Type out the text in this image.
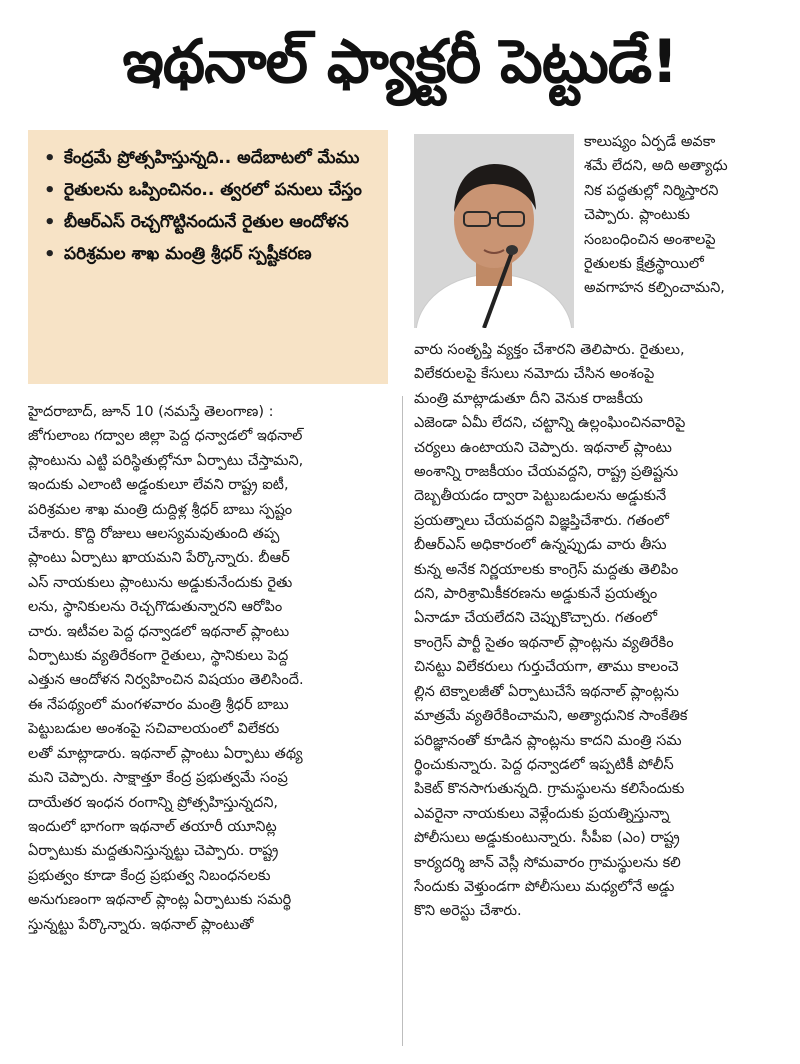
ఇథనాల్ ఫ్యాక్టరీ పెట్టుడే!
• కేంద్రమే ప్రోత్సహిస్తున్నది.. అదేబాటలో మేము
• రైతులను ఒప్పించినం.. త్వరలో పనులు చేస్తం
• బీఆర్ఎస్ రెచ్చగొట్టినందునే రైతుల ఆందోళన
• పరిశ్రమల శాఖ మంత్రి శ్రీధర్ స్పష్టీకరణ
హైదరాబాద్, జూన్ 10 (నమస్తే తెలంగాణ) :
జోగులాంబ గద్వాల జిల్లా పెద్ద ధన్వాడలో ఇథనాల్
ప్లాంటును ఎట్టి పరిస్థితుల్లోనూ ఏర్పాటు చేస్తామని,
ఇందుకు ఎలాంటి అడ్డంకులూ లేవని రాష్ట్ర ఐటీ,
పరిశ్రమల శాఖ మంత్రి దుద్దిళ్ల శ్రీధర్ బాబు స్పష్టం
చేశారు. కొద్ది రోజులు ఆలస్యమవుతుంది తప్ప
ప్లాంటు ఏర్పాటు ఖాయమని పేర్కొన్నారు. బీఆర్
ఎస్ నాయకులు ప్లాంటును అడ్డుకునేందుకు రైతు
లను, స్థానికులను రెచ్చగొడుతున్నారని ఆరోపిం
చారు. ఇటీవల పెద్ద ధన్వాడలో ఇథనాల్ ప్లాంటు
ఏర్పాటుకు వ్యతిరేకంగా రైతులు, స్థానికులు పెద్ద
ఎత్తున ఆందోళన నిర్వహించిన విషయం తెలిసిందే.
ఈ నేపథ్యంలో మంగళవారం మంత్రి శ్రీధర్ బాబు
పెట్టుబడుల అంశంపై సచివాలయంలో విలేకరు
లతో మాట్లాడారు. ఇథనాల్ ప్లాంటు ఏర్పాటు తథ్య
మని చెప్పారు. సాక్షాత్తూ కేంద్ర ప్రభుత్వమే సంప్ర
దాయేతర ఇంధన రంగాన్ని ప్రోత్సహిస్తున్నదని,
ఇందులో భాగంగా ఇథనాల్ తయారీ యూనిట్ల
ఏర్పాటుకు మద్దతునిస్తున్నట్టు చెప్పారు. రాష్ట్ర
ప్రభుత్వం కూడా కేంద్ర ప్రభుత్వ నిబంధనలకు
అనుగుణంగా ఇథనాల్ ప్లాంట్ల ఏర్పాటుకు సమర్థి
స్తున్నట్టు పేర్కొన్నారు. ఇథనాల్ ప్లాంటుతో
కాలుష్యం ఏర్పడే అవకా
శమే లేదని, అది అత్యాధు
నిక పద్ధతుల్లో నిర్మిస్తారని
చెప్పారు. ప్లాంటుకు
సంబంధించిన అంశాలపై
రైతులకు క్షేత్రస్థాయిలో
అవగాహన కల్పించామని,
వారు సంతృప్తి వ్యక్తం చేశారని తెలిపారు. రైతులు,
విలేకరులపై కేసులు నమోదు చేసిన అంశంపై
మంత్రి మాట్లాడుతూ దీని వెనుక రాజకీయ
ఎజెండా ఏమీ లేదని, చట్టాన్ని ఉల్లంఘించినవారిపై
చర్యలు ఉంటాయని చెప్పారు. ఇథనాల్ ప్లాంటు
అంశాన్ని రాజకీయం చేయవద్దని, రాష్ట్ర ప్రతిష్టను
దెబ్బతీయడం ద్వారా పెట్టుబడులను అడ్డుకునే
ప్రయత్నాలు చేయవద్దని విజ్ఞప్తిచేశారు. గతంలో
బీఆర్ఎస్ అధికారంలో ఉన్నప్పుడు వారు తీసు
కున్న అనేక నిర్ణయాలకు కాంగ్రెస్ మద్దతు తెలిపిం
దని, పారిశ్రామికీకరణను అడ్డుకునే ప్రయత్నం
ఏనాడూ చేయలేదని చెప్పుకొచ్చారు. గతంలో
కాంగ్రెస్ పార్టీ సైతం ఇథనాల్ ప్లాంట్లను వ్యతిరేకిం
చినట్టు విలేకరులు గుర్తుచేయగా, తాము కాలంచె
ల్లిన టెక్నాలజీతో ఏర్పాటుచేసే ఇథనాల్ ప్లాంట్లను
మాత్రమే వ్యతిరేకించామని, అత్యాధునిక సాంకేతిక
పరిజ్ఞానంతో కూడిన ప్లాంట్లను కాదని మంత్రి సమ
ర్థించుకున్నారు. పెద్ద ధన్వాడలో ఇప్పటికీ పోలీస్
పికెట్ కొనసాగుతున్నది. గ్రామస్థులను కలిసేందుకు
ఎవరైనా నాయకులు వెళ్లేందుకు ప్రయత్నిస్తున్నా
పోలీసులు అడ్డుకుంటున్నారు. సీపీఐ (ఎం) రాష్ట్ర
కార్యదర్శి జాన్ వెస్లీ సోమవారం గ్రామస్థులను కలి
సేందుకు వెళ్తుండగా పోలీసులు మధ్యలోనే అడ్డు
కొని అరెస్టు చేశారు.
